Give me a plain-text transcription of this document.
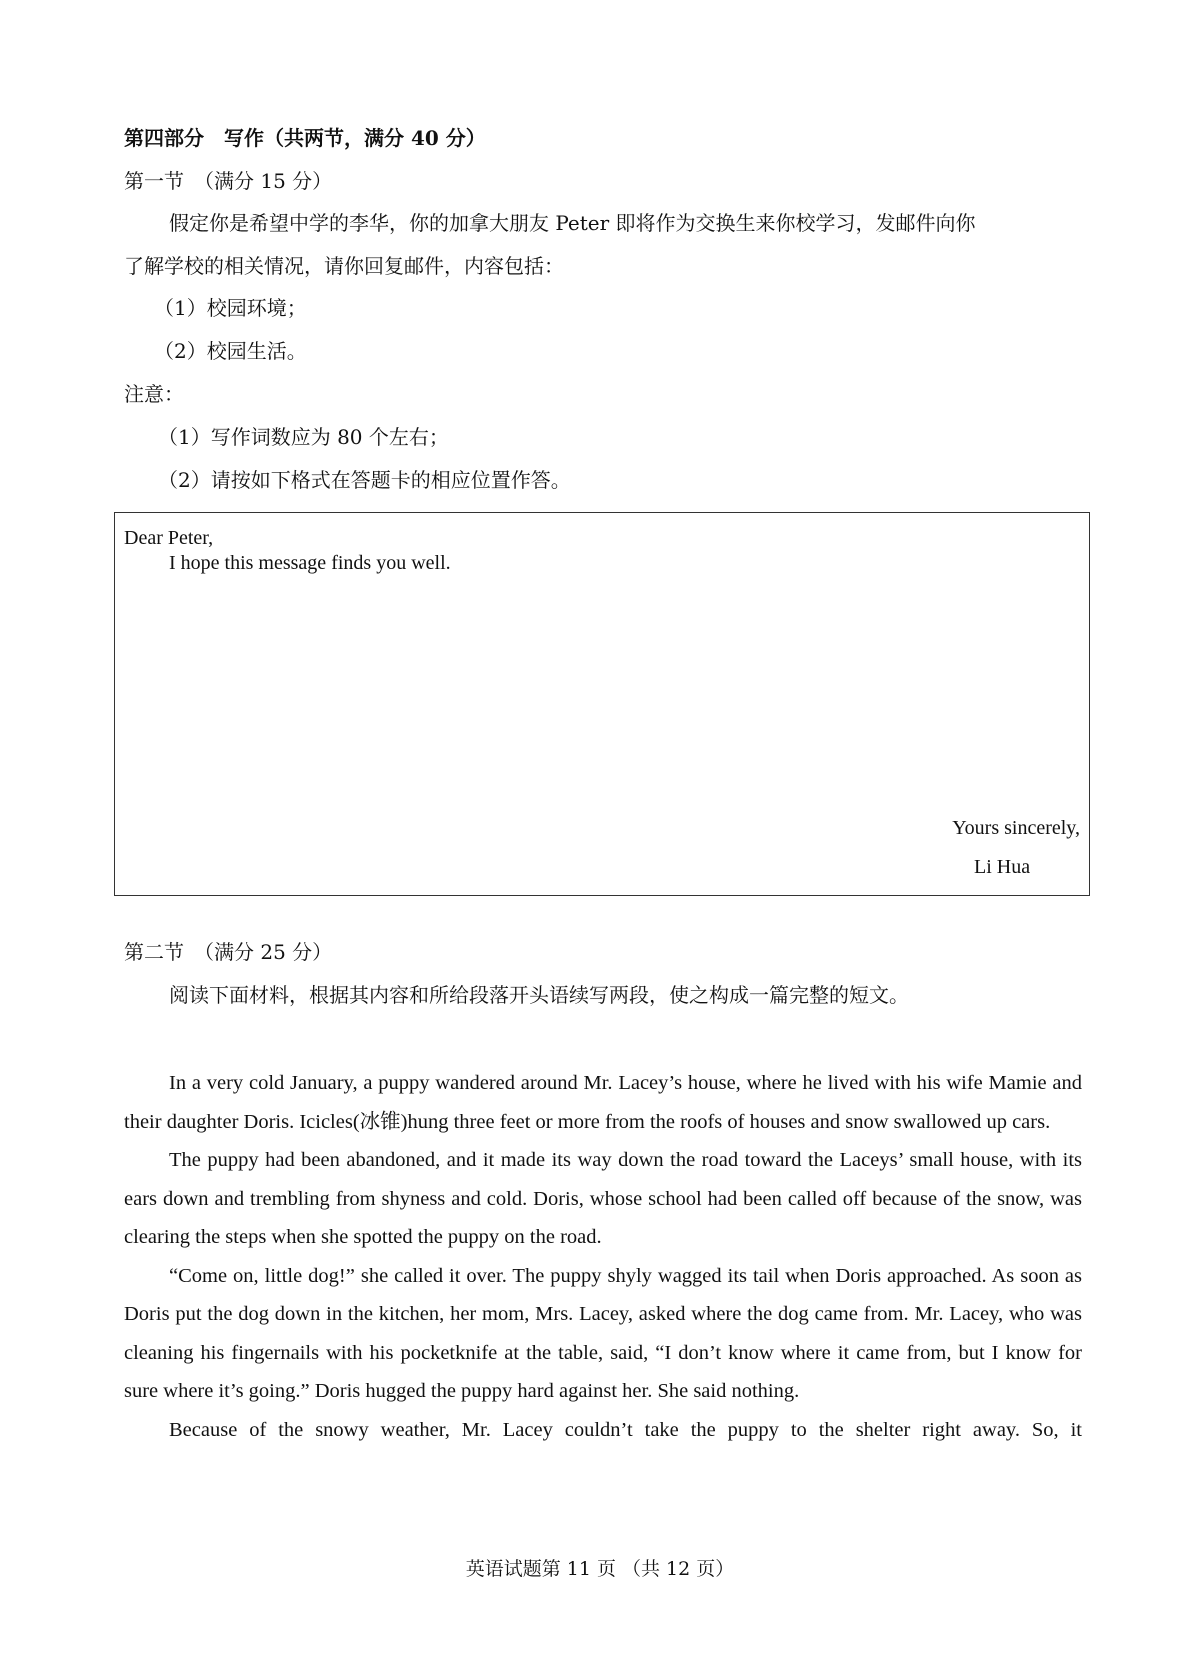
第四部分　写作（共两节，满分 40 分）
第一节　（满分 15 分）
假定你是希望中学的李华，你的加拿大朋友 Peter 即将作为交换生来你校学习，发邮件向你
了解学校的相关情况，请你回复邮件，内容包括：
（1）校园环境；
（2）校园生活。
注意：
（1）写作词数应为 80 个左右；
（2）请按如下格式在答题卡的相应位置作答。
Dear Peter,
I hope this message finds you well.
Yours sincerely,
Li Hua
第二节　（满分 25 分）
阅读下面材料，根据其内容和所给段落开头语续写两段，使之构成一篇完整的短文。

In a very cold January, a puppy wandered around Mr. Lacey’s house, where he lived with his wife Mamie and their daughter Doris. Icicles(冰锥)hung three feet or more from the roofs of houses and snow swallowed up cars.

The puppy had been abandoned, and it made its way down the road toward the Laceys’ small house, with its ears down and trembling from shyness and cold. Doris, whose school had been called off because of the snow, was clearing the steps when she spotted the puppy on the road.

“Come on, little dog!” she called it over. The puppy shyly wagged its tail when Doris approached. As soon as Doris put the dog down in the kitchen, her mom, Mrs. Lacey, asked where the dog came from. Mr. Lacey, who was cleaning his fingernails with his pocketknife at the table, said, “I don’t know where it came from, but I know for sure where it’s going.” Doris hugged the puppy hard against her. She said nothing.

Because of the snowy weather, Mr. Lacey couldn’t take the puppy to the shelter right away. So, it

英语试题第 11 页 （共 12 页）
